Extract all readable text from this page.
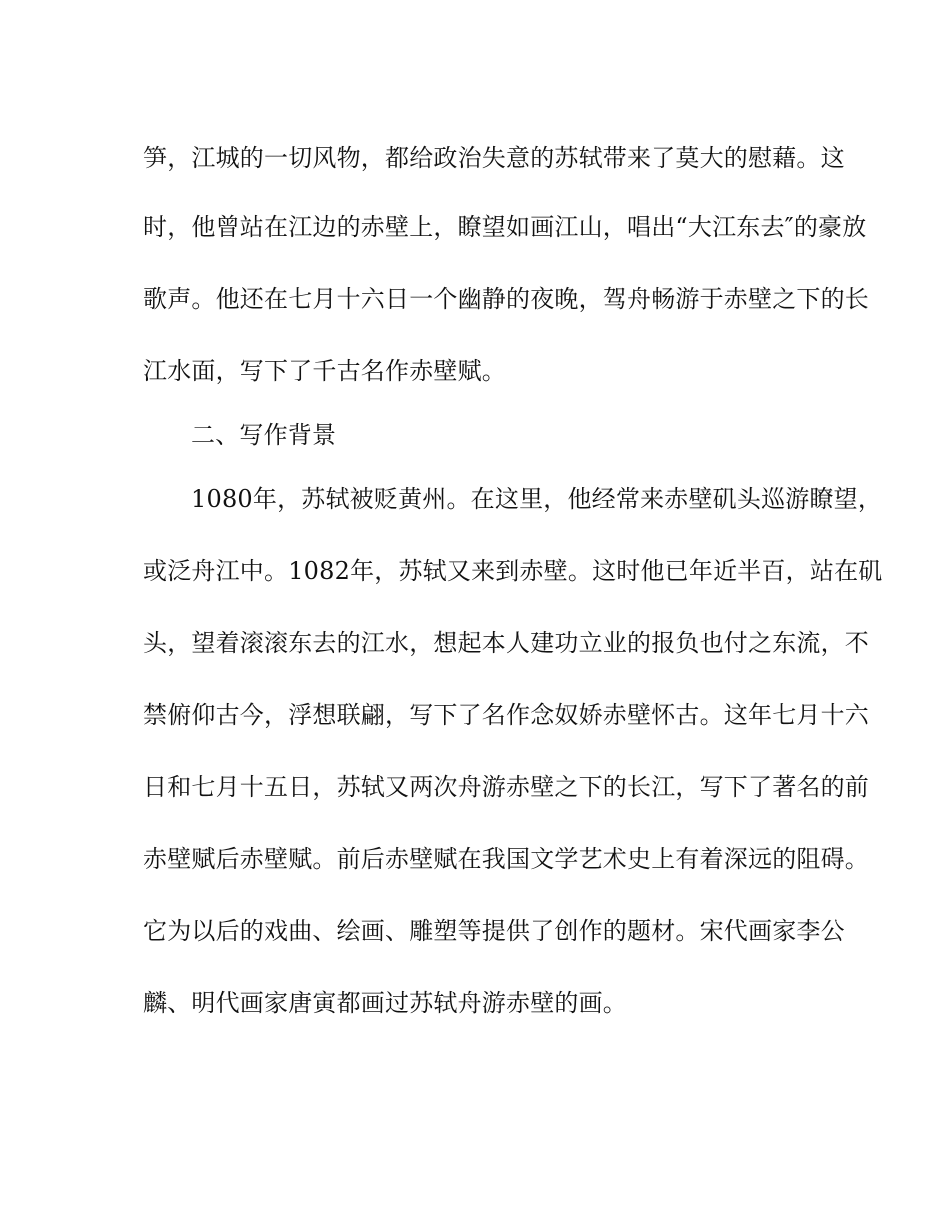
笋，江城的一切风物，都给政治失意的苏轼带来了莫大的慰藉。这
时，他曾站在江边的赤壁上，瞭望如画江山，唱出“大江东去″的豪放
歌声。他还在七月十六日一个幽静的夜晚，驾舟畅游于赤壁之下的长
江水面，写下了千古名作赤壁赋。
二、写作背景
1080年，苏轼被贬黄州。在这里，他经常来赤壁矶头巡游瞭望，
或泛舟江中。1082年，苏轼又来到赤壁。这时他已年近半百，站在矶
头，望着滚滚东去的江水，想起本人建功立业的报负也付之东流，不
禁俯仰古今，浮想联翩，写下了名作念奴娇赤壁怀古。这年七月十六
日和七月十五日，苏轼又两次舟游赤壁之下的长江，写下了著名的前
赤壁赋后赤壁赋。前后赤壁赋在我国文学艺术史上有着深远的阻碍。
它为以后的戏曲、绘画、雕塑等提供了创作的题材。宋代画家李公
麟、明代画家唐寅都画过苏轼舟游赤壁的画。
